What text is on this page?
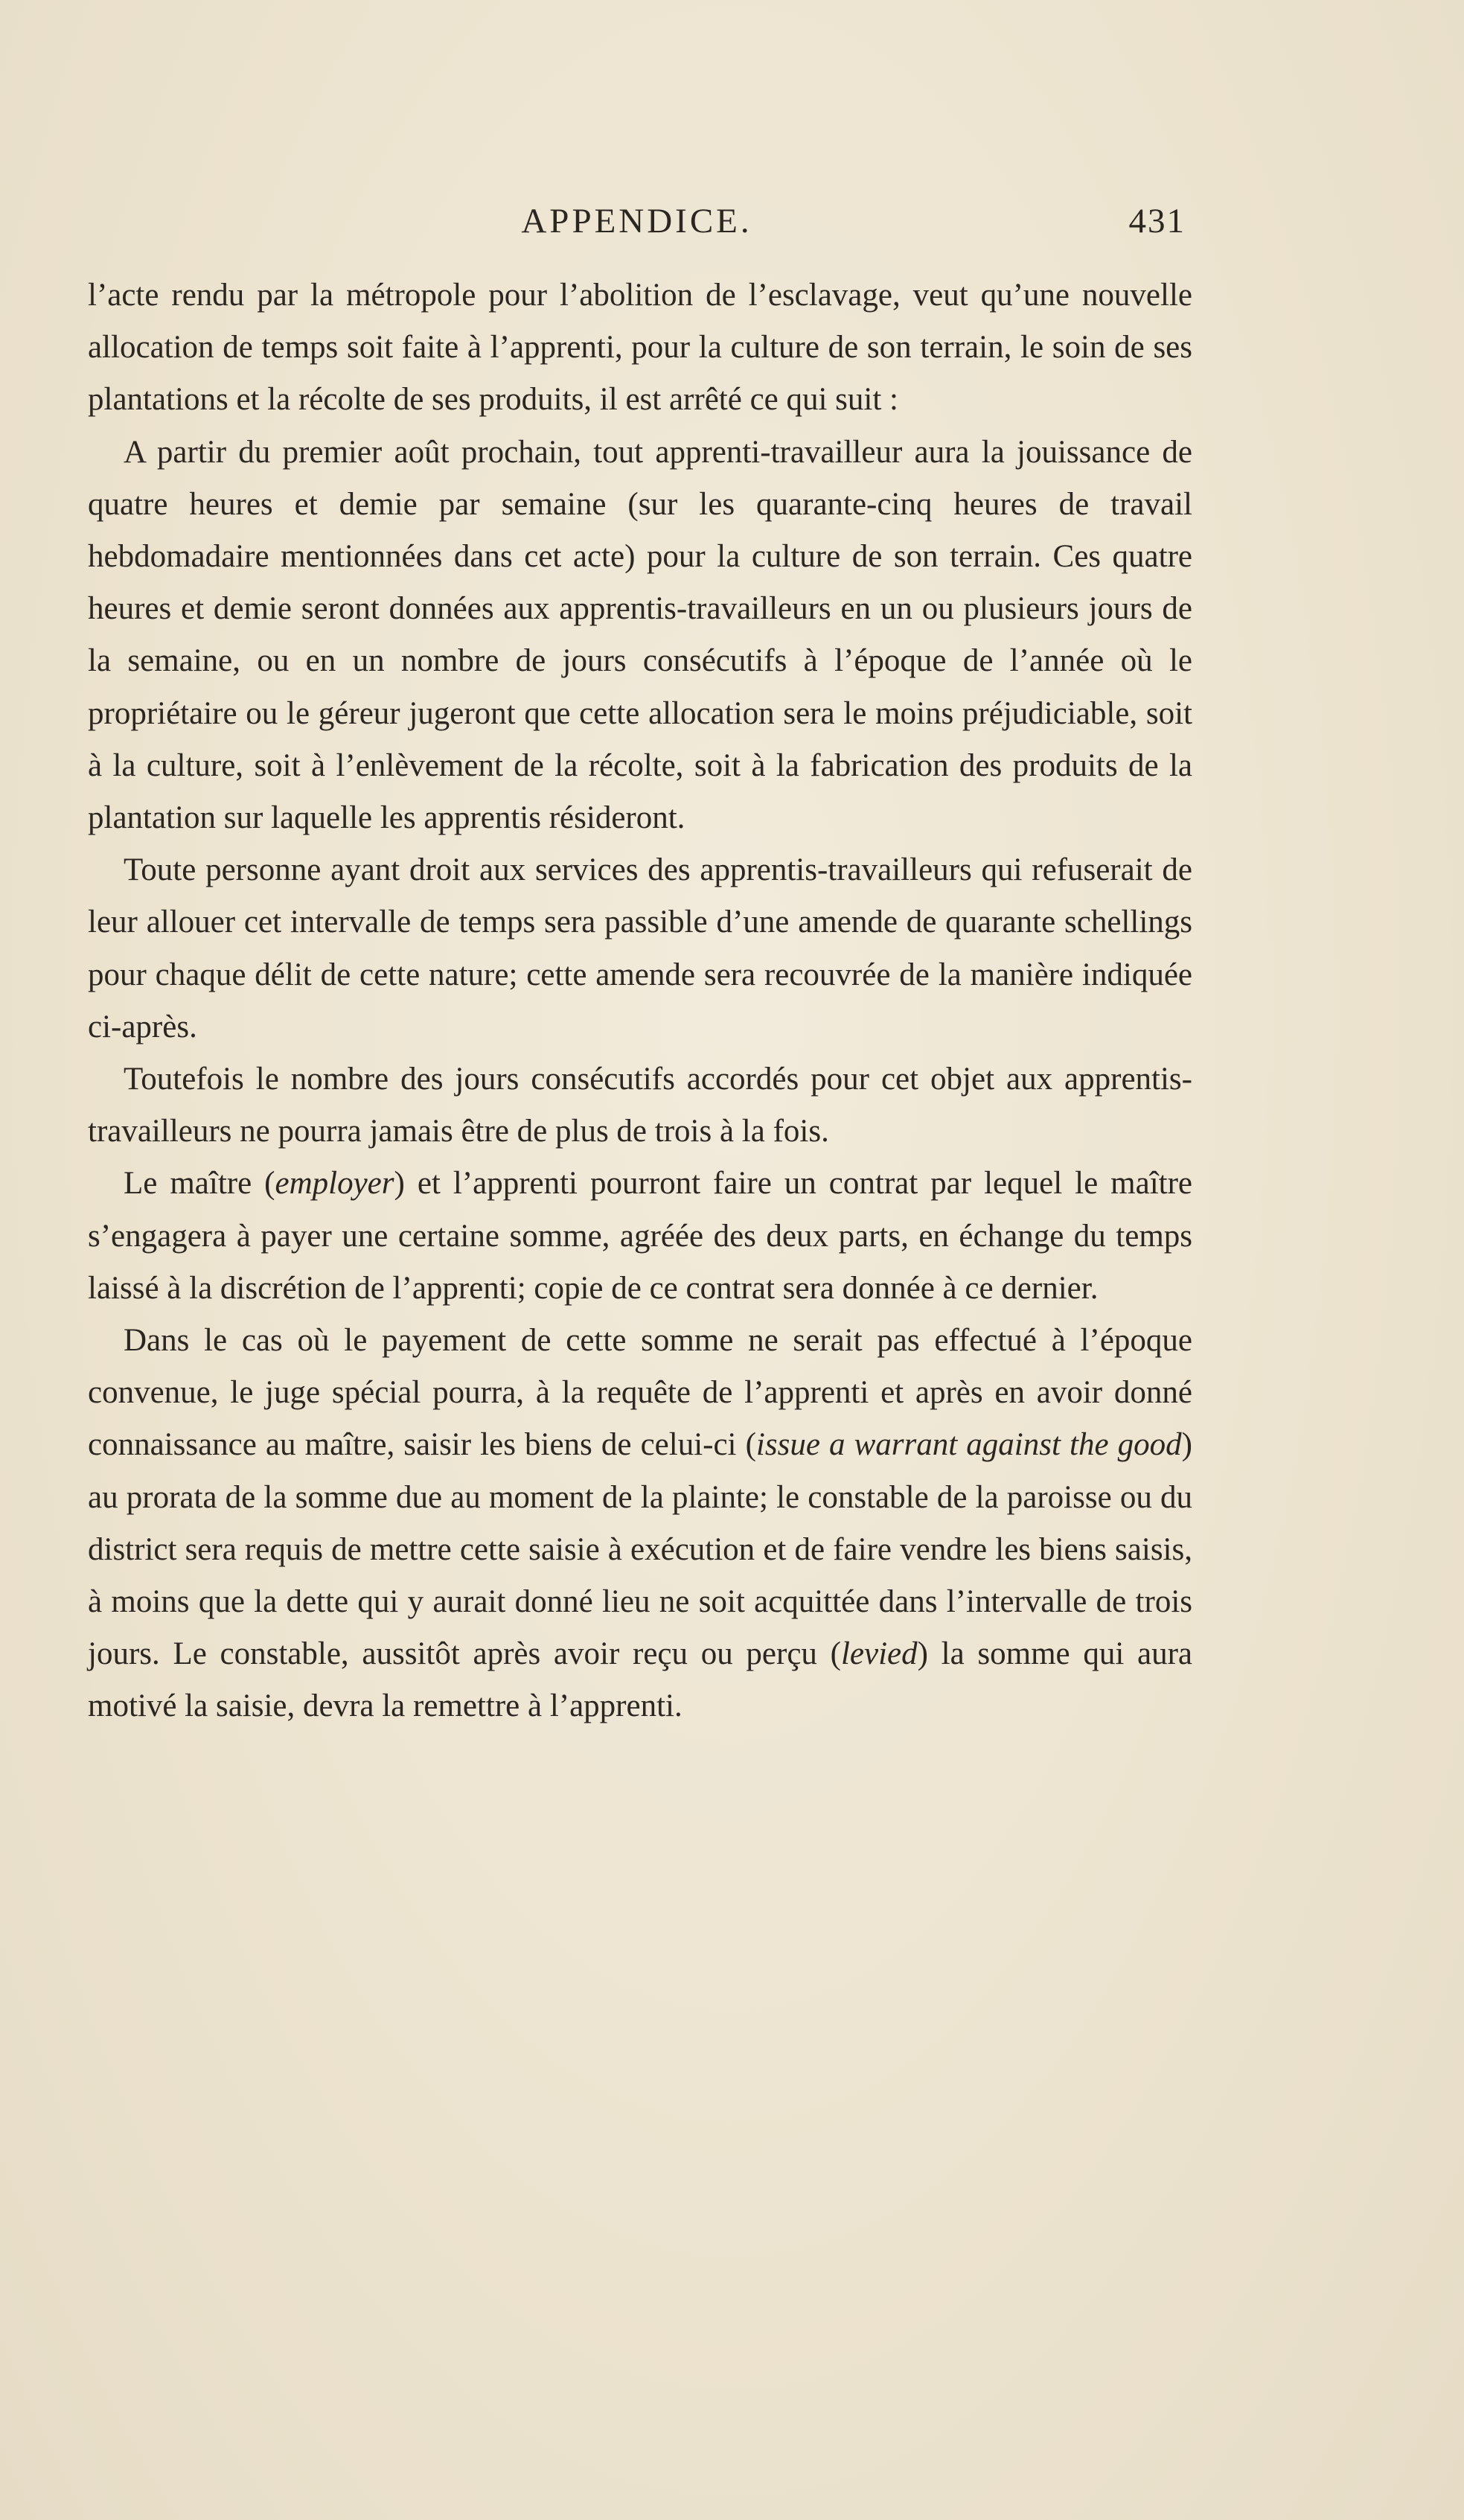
APPENDICE.	431

l’acte rendu par la métropole pour l’abolition de l’esclavage, veut qu’une nouvelle allocation de temps soit faite à l’apprenti, pour la culture de son terrain, le soin de ses plantations et la récolte de ses produits, il est arrêté ce qui suit :

A partir du premier août prochain, tout apprenti-travailleur aura la jouissance de quatre heures et demie par semaine (sur les quarante-cinq heures de travail hebdomadaire mentionnées dans cet acte) pour la culture de son terrain. Ces quatre heures et demie seront données aux apprentis-travailleurs en un ou plusieurs jours de la semaine, ou en un nombre de jours consécutifs à l’époque de l’année où le propriétaire ou le géreur jugeront que cette allocation sera le moins préjudiciable, soit à la culture, soit à l’enlèvement de la récolte, soit à la fabrication des produits de la plantation sur laquelle les apprentis résideront.

Toute personne ayant droit aux services des apprentis-travailleurs qui refuserait de leur allouer cet intervalle de temps sera passible d’une amende de quarante schellings pour chaque délit de cette nature; cette amende sera recouvrée de la manière indiquée ci-après.

Toutefois le nombre des jours consécutifs accordés pour cet objet aux apprentis-travailleurs ne pourra jamais être de plus de trois à la fois.

Le maître (employer) et l’apprenti pourront faire un contrat par lequel le maître s’engagera à payer une certaine somme, agréée des deux parts, en échange du temps laissé à la discrétion de l’apprenti; copie de ce contrat sera donnée à ce dernier.

Dans le cas où le payement de cette somme ne serait pas effectué à l’époque convenue, le juge spécial pourra, à la requête de l’apprenti et après en avoir donné connaissance au maître, saisir les biens de celui-ci (issue a warrant against the good) au prorata de la somme due au moment de la plainte; le constable de la paroisse ou du district sera requis de mettre cette saisie à exécution et de faire vendre les biens saisis, à moins que la dette qui y aurait donné lieu ne soit acquittée dans l’intervalle de trois jours. Le constable, aussitôt après avoir reçu ou perçu (levied) la somme qui aura motivé la saisie, devra la remettre à l’apprenti.
